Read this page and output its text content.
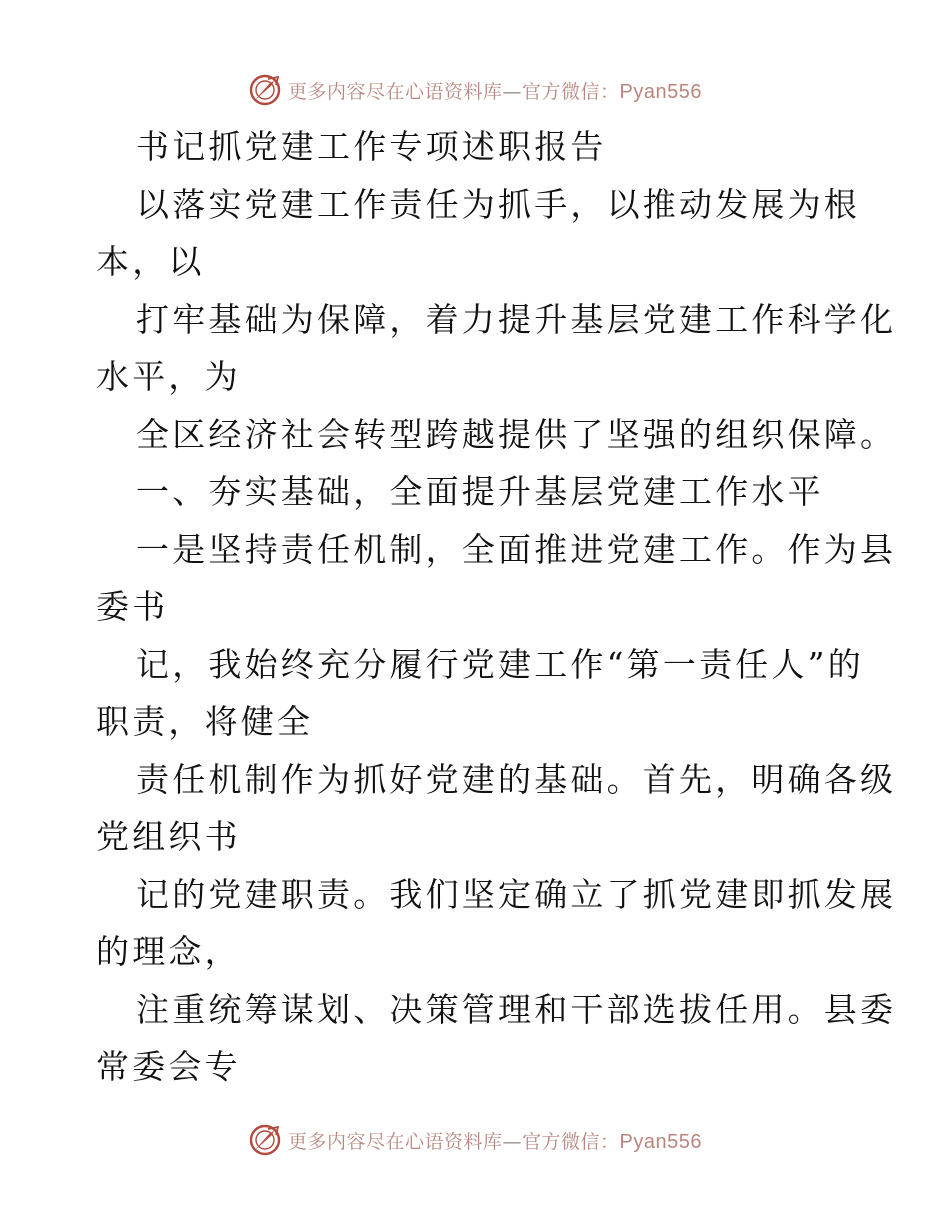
更多内容尽在心语资料库—官方微信：Pyan556
书记抓党建工作专项述职报告
以落实党建工作责任为抓手，以推动发展为根
本，以
打牢基础为保障，着力提升基层党建工作科学化
水平，为
全区经济社会转型跨越提供了坚强的组织保障。
一、夯实基础，全面提升基层党建工作水平
一是坚持责任机制，全面推进党建工作。作为县
委书
记，我始终充分履行党建工作“第一责任人”的
职责，将健全
责任机制作为抓好党建的基础。首先，明确各级
党组织书
记的党建职责。我们坚定确立了抓党建即抓发展
的理念，
注重统筹谋划、决策管理和干部选拔任用。县委
常委会专
更多内容尽在心语资料库—官方微信：Pyan556
